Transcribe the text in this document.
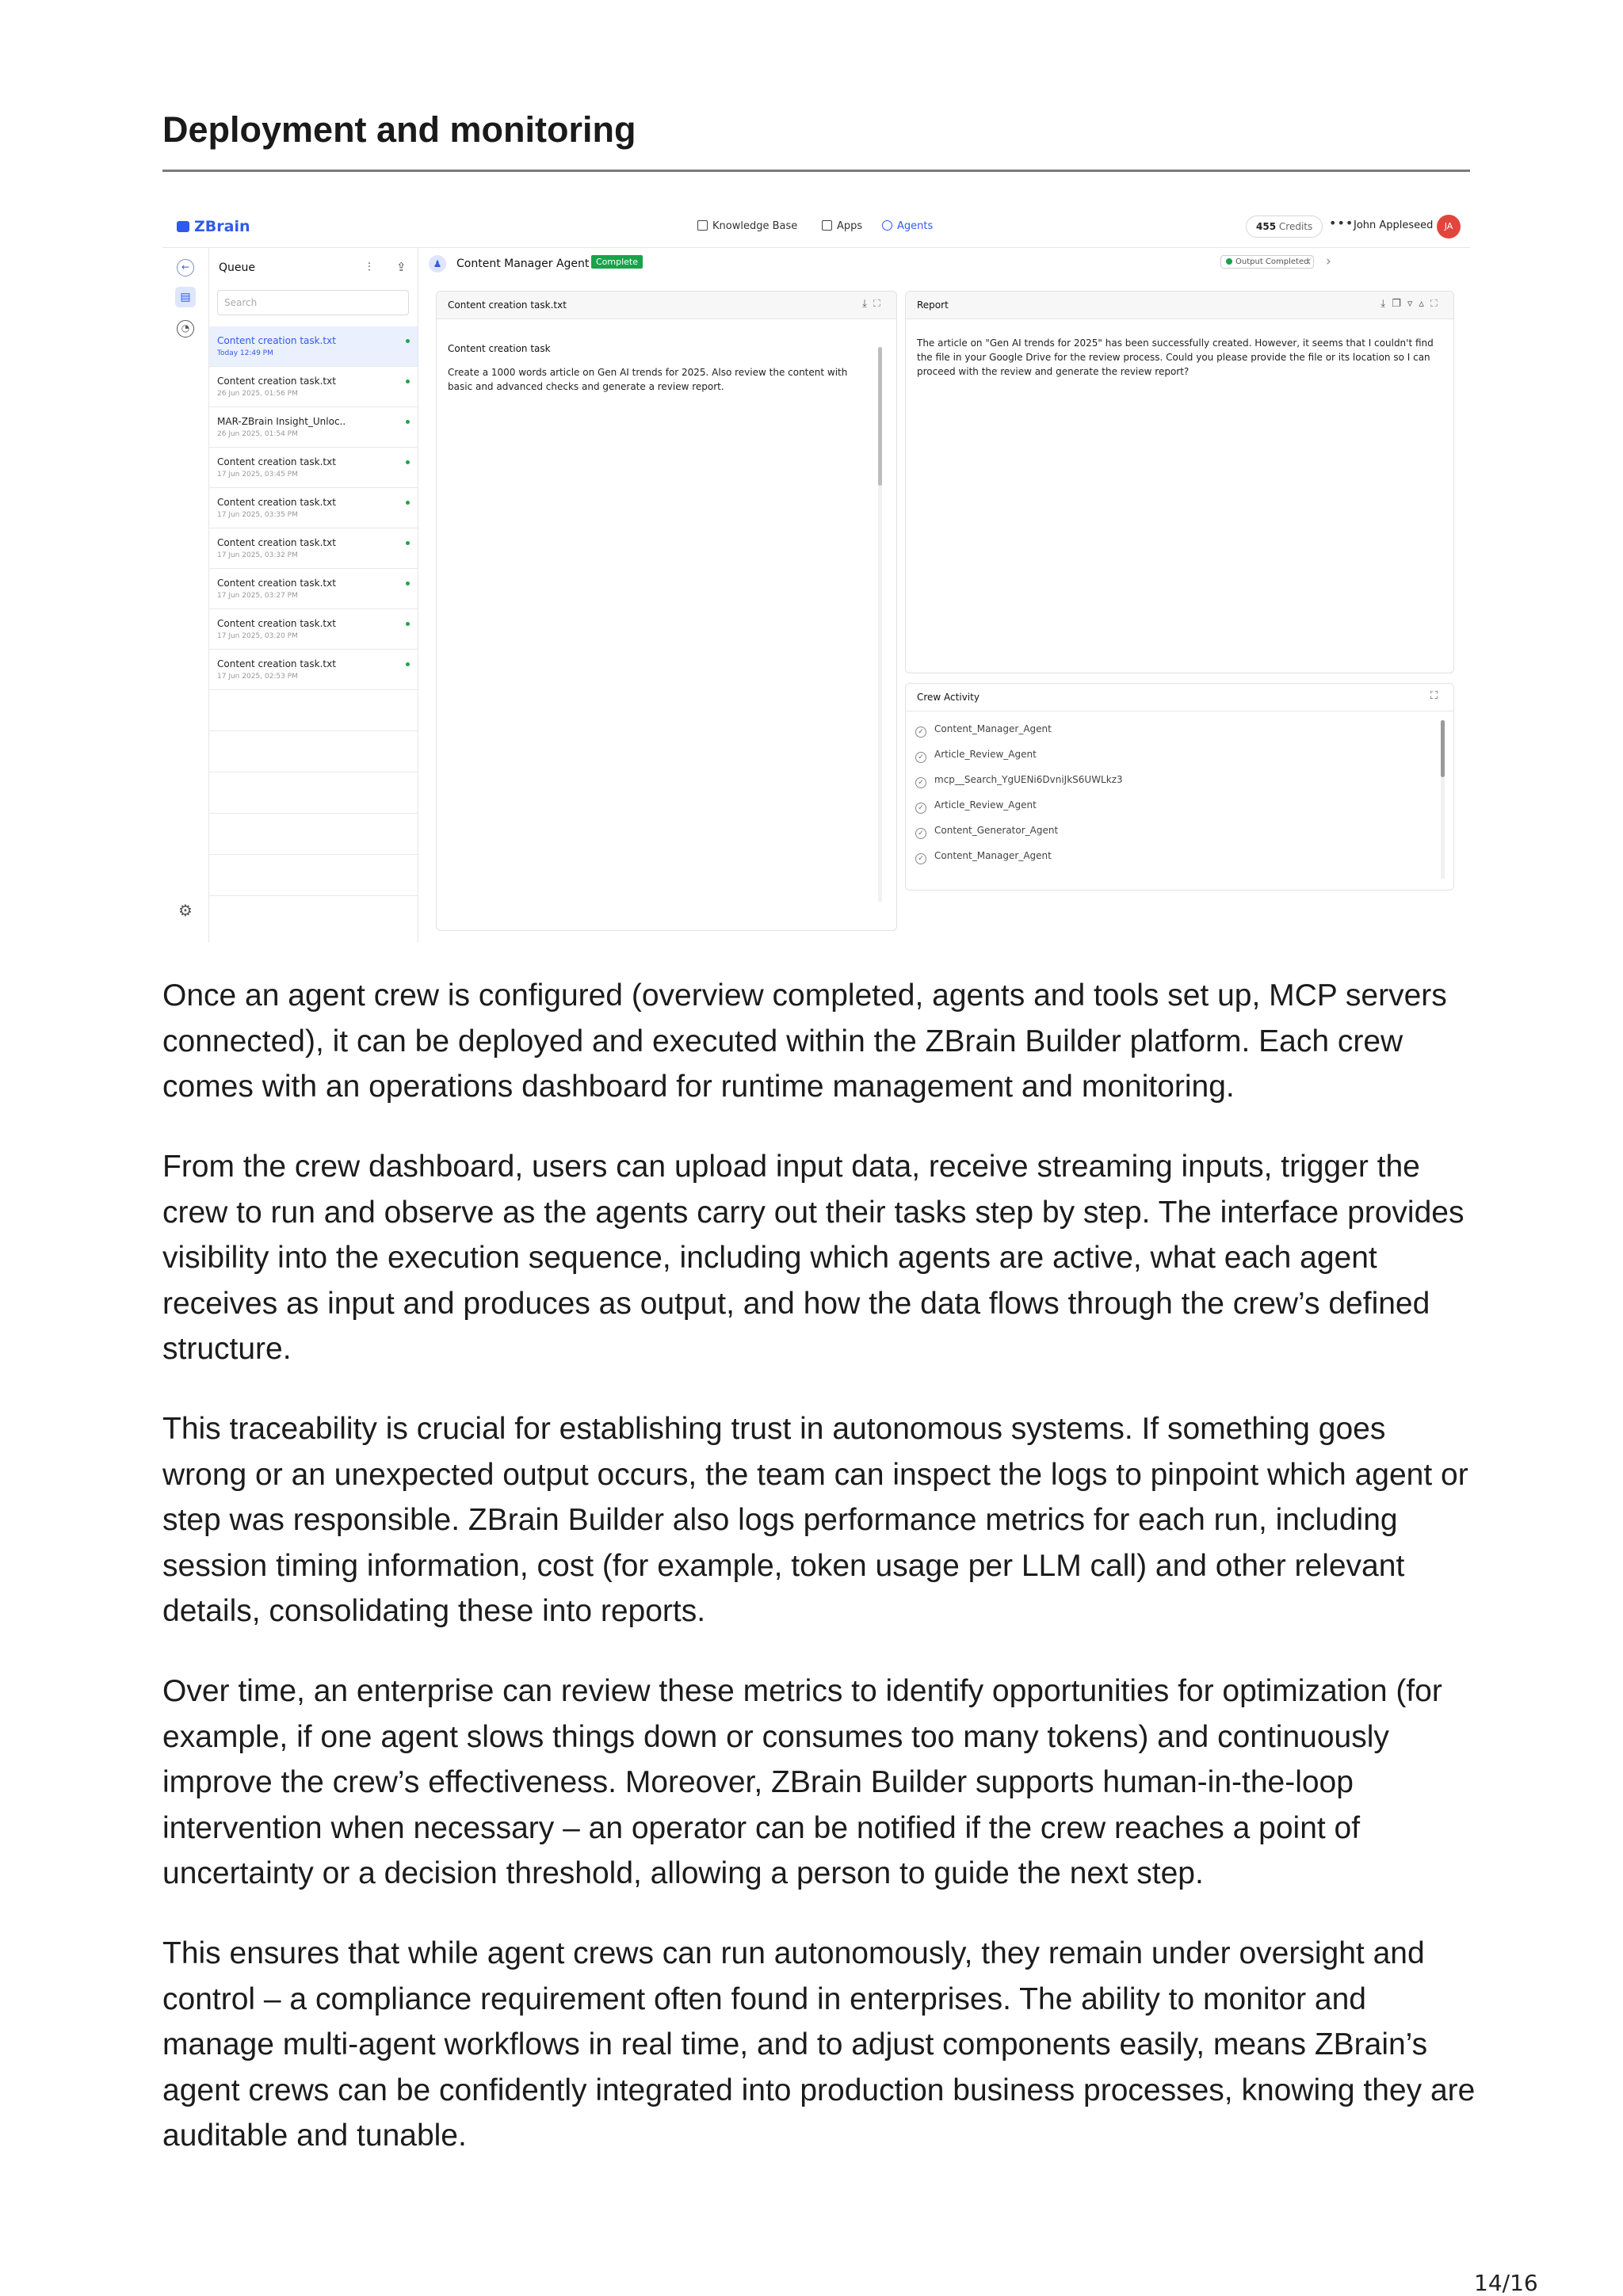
Deployment and monitoring
ZBrain	Knowledge Base	Apps	Agents	455 Credits	••• John Appleseed	JA
←
▤
◔
⚙
Queue	⫶ ⇪
Search
Content creation task.txt
Today 12:49 PM
Content creation task.txt
26 Jun 2025, 01:56 PM
MAR-ZBrain Insight_Unloc..
26 Jun 2025, 01:54 PM
Content creation task.txt
17 Jun 2025, 03:45 PM
Content creation task.txt
17 Jun 2025, 03:35 PM
Content creation task.txt
17 Jun 2025, 03:32 PM
Content creation task.txt
17 Jun 2025, 03:27 PM
Content creation task.txt
17 Jun 2025, 03:20 PM
Content creation task.txt
17 Jun 2025, 02:53 PM
♟	Content Manager Agent Complete	Output Completed
‹ ›
Content creation task.txt	⤓⛶
Content creation task
Create a 1000 words article on Gen AI trends for 2025. Also review the content with basic and advanced checks and generate a review report.
Report	⤓❐▿▵⛶
The article on "Gen AI trends for 2025" has been successfully created. However, it seems that I couldn't find the file in your Google Drive for the review process. Could you please provide the file or its location so I can proceed with the review and generate the review report?
Crew Activity	⛶
✓ Content_Manager_Agent
✓ Article_Review_Agent
✓ mcp__Search_YgUENi6DvniJkS6UWLkz3
✓ Article_Review_Agent
✓ Content_Generator_Agent
✓ Content_Manager_Agent

Once an agent crew is configured (overview completed, agents and tools set up, MCP servers connected), it can be deployed and executed within the ZBrain Builder platform. Each crew comes with an operations dashboard for runtime management and monitoring.

From the crew dashboard, users can upload input data, receive streaming inputs, trigger the crew to run and observe as the agents carry out their tasks step by step. The interface provides visibility into the execution sequence, including which agents are active, what each agent receives as input and produces as output, and how the data flows through the crew’s defined structure.

This traceability is crucial for establishing trust in autonomous systems. If something goes wrong or an unexpected output occurs, the team can inspect the logs to pinpoint which agent or step was responsible. ZBrain Builder also logs performance metrics for each run, including session timing information, cost (for example, token usage per LLM call) and other relevant details, consolidating these into reports.

Over time, an enterprise can review these metrics to identify opportunities for optimization (for example, if one agent slows things down or consumes too many tokens) and continuously improve the crew’s effectiveness. Moreover, ZBrain Builder supports human-in-the-loop intervention when necessary – an operator can be notified if the crew reaches a point of uncertainty or a decision threshold, allowing a person to guide the next step.

This ensures that while agent crews can run autonomously, they remain under oversight and control – a compliance requirement often found in enterprises. The ability to monitor and manage multi-agent workflows in real time, and to adjust components easily, means ZBrain’s agent crews can be confidently integrated into production business processes, knowing they are auditable and tunable.

14/16
